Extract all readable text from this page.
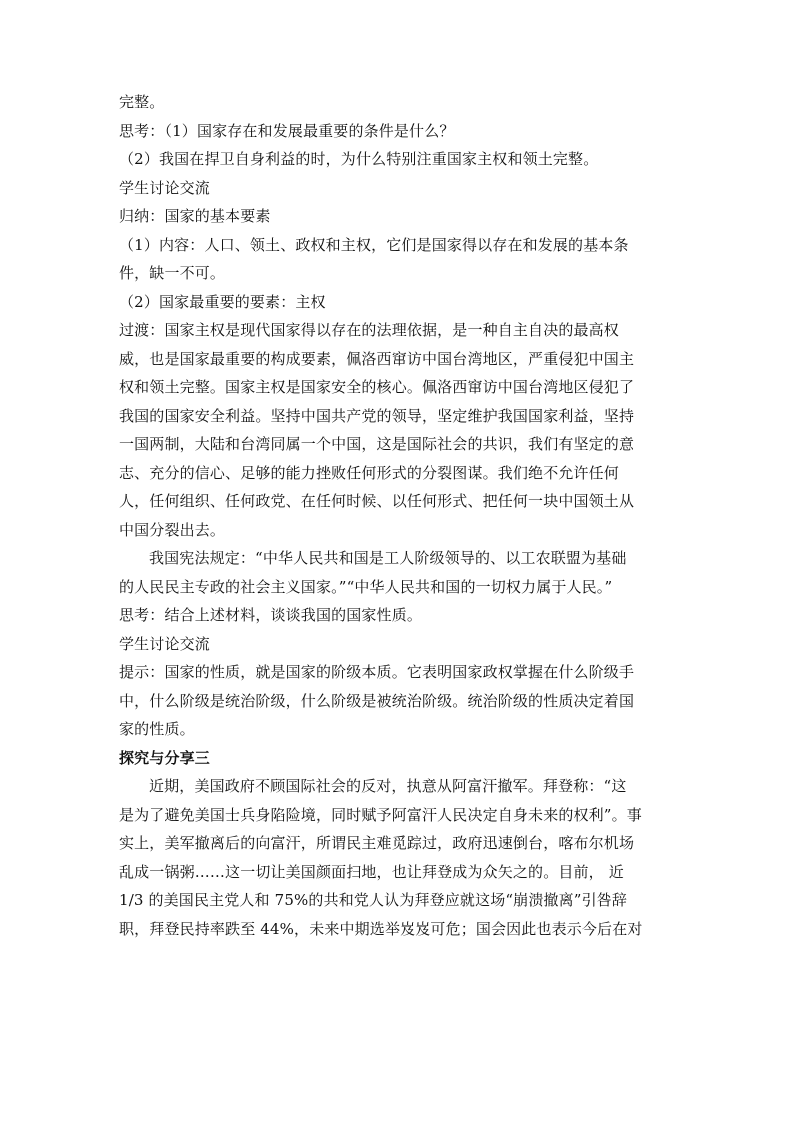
完整。
思考：（1）国家存在和发展最重要的条件是什么？
（2）我国在捍卫自身利益的时，为什么特别注重国家主权和领土完整。
学生讨论交流
归纳：国家的基本要素
（1）内容：人口、领土、政权和主权，它们是国家得以存在和发展的基本条
件，缺一不可。
（2）国家最重要的要素：主权
过渡：国家主权是现代国家得以存在的法理依据，是一种自主自决的最高权
威，也是国家最重要的构成要素，佩洛西窜访中国台湾地区，严重侵犯中国主
权和领土完整。国家主权是国家安全的核心。佩洛西窜访中国台湾地区侵犯了
我国的国家安全利益。坚持中国共产党的领导，坚定维护我国国家利益，坚持
一国两制，大陆和台湾同属一个中国，这是国际社会的共识，我们有坚定的意
志、充分的信心、足够的能力挫败任何形式的分裂图谋。我们绝不允许任何
人，任何组织、任何政党、在任何时候、以任何形式、把任何一块中国领土从
中国分裂出去。
我国宪法规定：“中华人民共和国是工人阶级领导的、以工农联盟为基础
的人民民主专政的社会主义国家。”“中华人民共和国的一切权力属于人民。”
思考：结合上述材料，谈谈我国的国家性质。
学生讨论交流
提示：国家的性质，就是国家的阶级本质。它表明国家政权掌握在什么阶级手
中，什么阶级是统治阶级，什么阶级是被统治阶级。统治阶级的性质决定着国
家的性质。
探究与分享三
近期，美国政府不顾国际社会的反对，执意从阿富汗撤军。拜登称：“这
是为了避免美国士兵身陷险境，同时赋予阿富汗人民决定自身未来的权利”。事
实上，美军撤离后的向富汗，所谓民主难觅踪过，政府迅速倒台，喀布尔机场
乱成一锅粥……这一切让美国颜面扫地，也让拜登成为众矢之的。目前， 近
1/3 的美国民主党人和 75%的共和党人认为拜登应就这场“崩溃撤离”引咎辞
职，拜登民持率跌至 44%，未来中期选举岌岌可危；国会因此也表示今后在对
